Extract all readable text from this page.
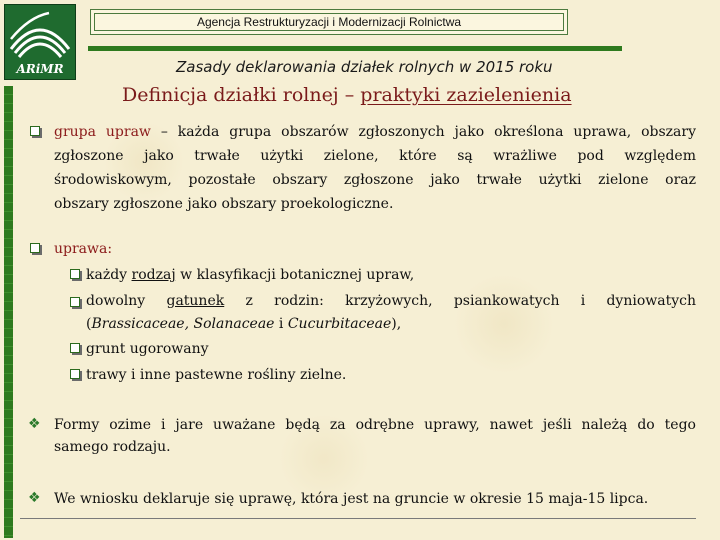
ARiMR
Agencja Restrukturyzacji i Modernizacji Rolnictwa
Zasady deklarowania działek rolnych w 2015 roku
Definicja działki rolnej – praktyki zazielenienia
grupa upraw – każda grupa obszarów zgłoszonych jako określona uprawa, obszary
zgłoszone jako trwałe użytki zielone, które są wrażliwe pod względem
środowiskowym, pozostałe obszary zgłoszone jako trwałe użytki zielone oraz
obszary zgłoszone jako obszary proekologiczne.
uprawa:
każdy rodzaj w klasyfikacji botanicznej upraw,
dowolny gatunek z rodzin: krzyżowych, psiankowatych i dyniowatych
(Brassicaceae, Solanaceae i Cucurbitaceae),
grunt ugorowany
trawy i inne pastewne rośliny zielne.
❖ Formy ozime i jare uważane będą za odrębne uprawy, nawet jeśli należą do tego
samego rodzaju.
❖ We wniosku deklaruje się uprawę, która jest na gruncie w okresie 15 maja-15 lipca.
